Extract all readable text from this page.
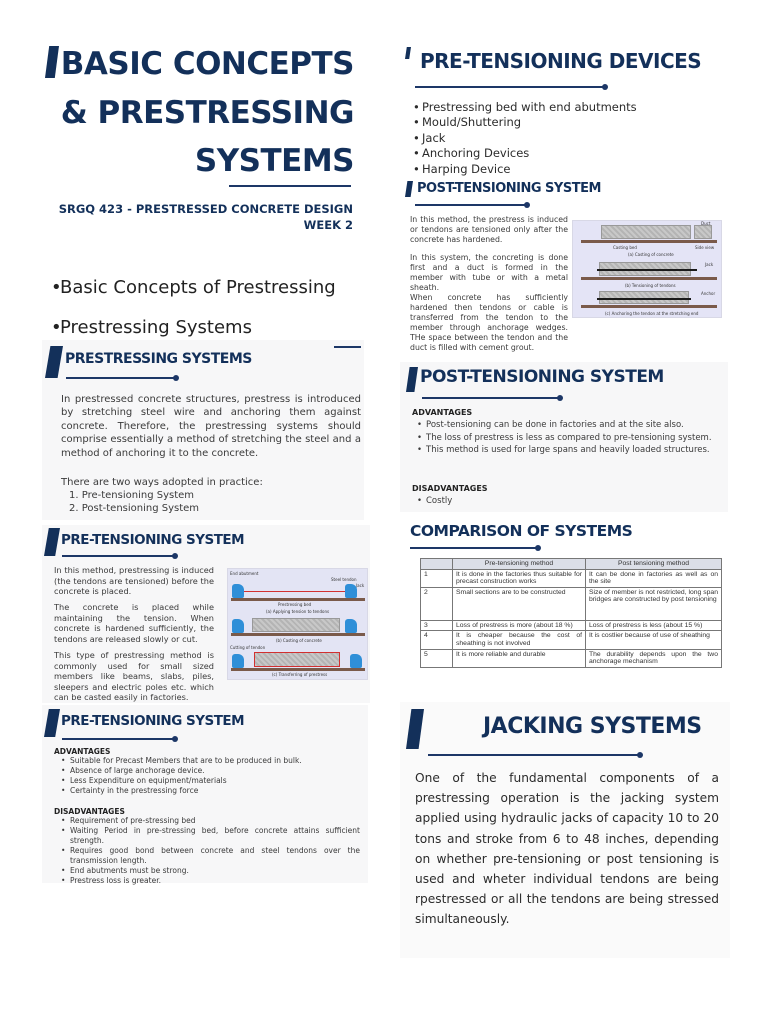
BASIC CONCEPTS
& PRESTRESSING
SYSTEMS
SRGQ 423 - PRESTRESSED CONCRETE DESIGN
WEEK 2
• Basic Concepts of Prestressing
• Prestressing Systems
PRESTRESSING SYSTEMS
In prestressed concrete structures, prestress is introduced by stretching steel wire and anchoring them against concrete. Therefore, the prestressing systems should comprise essentially a method of stretching the steel and a method of anchoring it to the concrete.
There are two ways adopted in practice:
1. Pre-tensioning System
2. Post-tensioning System
PRE-TENSIONING SYSTEM
In this method, prestressing is induced (the tendons are tensioned) before the concrete is placed.
The concrete is placed while maintaining the tension. When concrete is hardened sufficiently, the tendons are released slowly or cut.
This type of prestressing method is commonly used for small sized members like beams, slabs, piles, sleepers and electric poles etc. which can be casted easily in factories.
End abutment
Steel tendon
Jack
Prestressing bed
(a) Applying tension to tendons
(b) Casting of concrete
Cutting of tendon
(c) Transferring of prestress
PRE-TENSIONING SYSTEM
ADVANTAGES
• Suitable for Precast Members that are to be produced in bulk.
• Absence of large anchorage device.
• Less Expenditure on equipment/materials
• Certainty in the prestressing force
DISADVANTAGES
• Requirement of pre-stressing bed
• Waiting Period in pre-stressing bed, before concrete attains sufficient strength.
• Requires good bond between concrete and steel tendons over the transmission length.
• End abutments must be strong.
• Prestress loss is greater.
PRE-TENSIONING DEVICES
• Prestressing bed with end abutments
• Mould/Shuttering
• Jack
• Anchoring Devices
• Harping Device
POST-TENSIONING SYSTEM
In this method, the prestress is induced or tendons are tensioned only after the concrete has hardened.
In this system, the concreting is done first and a duct is formed in the member with tube or with a metal sheath.
When concrete has sufficiently hardened then tendons or cable is transferred from the tendon to the member through anchorage wedges. THe space between the tendon and the duct is filled with cement grout.
Duct
Casting bed	Side view
(a) Casting of concrete
Jack
(b) Tensioning of tendons
Anchor
(c) Anchoring the tendon at the stretching end
POST-TENSIONING SYSTEM
ADVANTAGES
• Post-tensioning can be done in factories and at the site also.
• The loss of prestress is less as compared to pre-tensioning system.
• This method is used for large spans and heavily loaded structures.
DISADVANTAGES
• Costly
COMPARISON OF SYSTEMS
	Pre-tensioning method	Post tensioning method
1	It is done in the factories thus suitable for precast construction works	It can be done in factories as well as on the site
2	Small sections are to be constructed	Size of member is not restricted, long span bridges are constructed by post tensioning
3	Loss of prestress is more (about 18 %)	Loss of prestress is less (about 15 %)
4	It is cheaper because the cost of sheathing is not involved	It is costlier because of use of sheathing
5	It is more reliable and durable	The durability depends upon the two anchorage mechanism
JACKING SYSTEMS
One of the fundamental components of a prestressing operation is the jacking system applied using hydraulic jacks of capacity 10 to 20 tons and stroke from 6 to 48 inches, depending on whether pre-tensioning or post tensioning is used and wheter individual tendons are being rpestressed or all the tendons are being stressed simultaneously.
